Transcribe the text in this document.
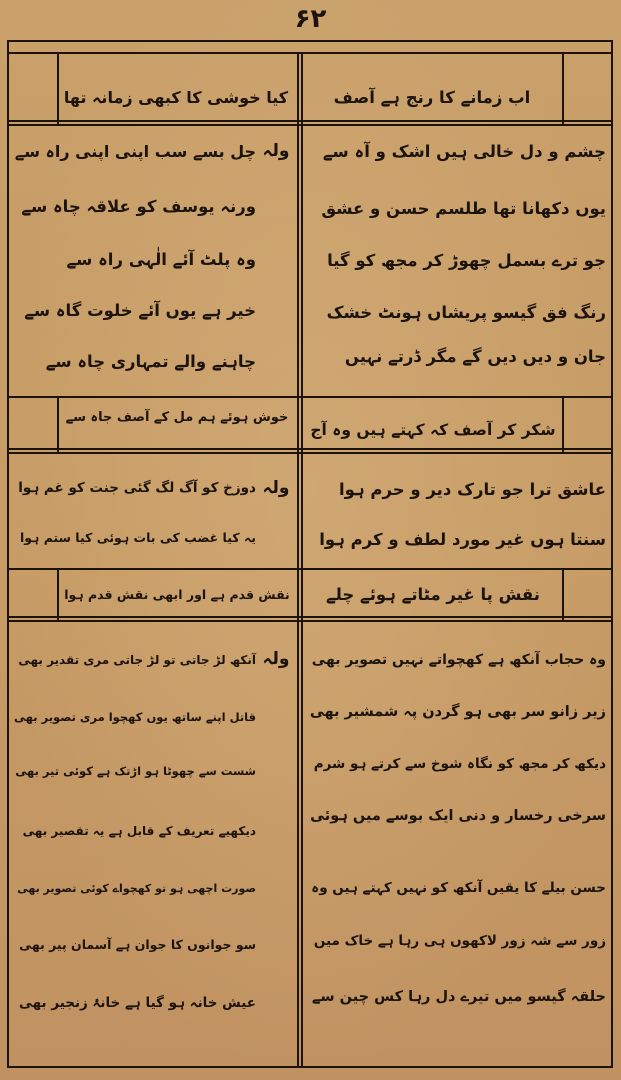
۶۲
اب زمانے کا رنج ہے آصف
کیا خوشی کا کبھی زمانہ تھا
چشم و دل خالی ہیں اشک و آہ سے
یوں دکھانا تھا طلسم حسن و عشق
جو ترے بسمل چھوڑ کر مجھ کو گیا
رنگ فق گیسو پریشاں ہونٹ خشک
جان و دیں دیں گے مگر ڈرتے نہیں
ولہ
چل بسے سب اپنی اپنی راہ سے
ورنہ یوسف کو علاقہ چاہ سے
وہ پلٹ آئے الٰہی راہ سے
خیر ہے یوں آئے خلوت گاہ سے
چاہنے والے تمہاری چاہ سے
شکر کر آصف کہ کہتے ہیں وہ آج
خوش ہوئے ہم مل کے آصف جاہ سے
عاشق ترا جو تارک دیر و حرم ہوا
سنتا ہوں غیر مورد لطف و کرم ہوا
ولہ
دوزخ کو آگ لگ گئی جنت کو غم ہوا
یہ کیا غضب کی بات ہوئی کیا ستم ہوا
نقش پا غیر مٹاتے ہوئے چلے
نقش قدم ہے اور ابھی نقش قدم ہوا
وہ حجاب آنکھ ہے کھچواتے نہیں تصویر بھی
زیر زانو سر بھی ہو گردن پہ شمشیر بھی
دیکھ کر مجھ کو نگاہ شوخ سے کرتے ہو شرم
سرخی رخسار و دنی ایک بوسے میں ہوئی
حسن بیلے کا یقیں آنکھ کو نہیں کہتے ہیں وہ
زور سے شہ زور لاکھوں ہی رہا ہے خاک میں
حلقہ گیسو میں تیرے دل رہا کس چین سے
ولہ
آنکھ لڑ جاتی تو لڑ جاتی مری تقدیر بھی
قاتل اپنے ساتھ یوں کھچوا مری تصویر بھی
شست سے چھوٹا ہو اڑتک ہے کوئی تیر بھی
دیکھیے تعریف کے قابل ہے یہ تقصیر بھی
صورت اچھی ہو تو کھچواے کوئی تصویر بھی
سو جوانوں کا جوان ہے آسمان پیر بھی
عیش خانہ ہو گیا ہے خانۂ زنجیر بھی
